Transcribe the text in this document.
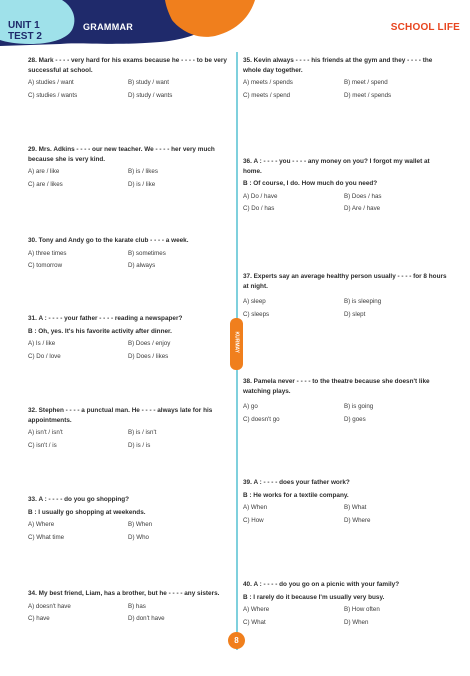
UNIT 1
TEST 2
GRAMMAR	SCHOOL LIFE
KURMAY
28. Mark - - - - very hard for his exams because he - - - - to be very successful at school.
A) studies / want	B) study / want
C) studies / wants	D) study / wants
29. Mrs. Adkins - - - - our new teacher. We - - - - her very much because she is very kind.
A) are / like	B) is / likes
C) are / likes	D) is / like
30. Tony and Andy go to the karate club - - - - a week.
A) three times	B) sometimes
C) tomorrow	D) always
31. A : - - - - your father - - - - reading a newspaper?
B : Oh, yes. It's his favorite activity after dinner.
A) Is / like	B) Does / enjoy
C) Do / love	D) Does / likes
32. Stephen - - - - a punctual man. He - - - - always late for his appointments.
A) isn't / isn't	B) is / isn't
C) isn't / is	D) is / is
33. A : - - - - do you go shopping?
B : I usually go shopping at weekends.
A) Where	B) When
C) What time	D) Who
34. My best friend, Liam, has a brother, but he - - - - any sisters.
A) doesn't have	B) has
C) have	D) don't have
35. Kevin always - - - - his friends at the gym and they - - - - the whole day together.
A) meets / spends	B) meet / spend
C) meets / spend	D) meet / spends
36. A : - - - - you - - - - any money on you? I forgot my wallet at home.
B : Of course, I do. How much do you need?
A) Do / have	B) Does / has
C) Do / has	D) Are / have
37. Experts say an average healthy person usually - - - - for 8 hours at night.
A) sleep	B) is sleeping
C) sleeps	D) slept
38. Pamela never - - - - to the theatre because she doesn't like watching plays.
A) go	B) is going
C) doesn't go	D) goes
39. A : - - - - does your father work?
B : He works for a textile company.
A) When	B) What
C) How	D) Where
40. A : - - - - do you go on a picnic with your family?
B : I rarely do it because I'm usually very busy.
A) Where	B) How often
C) What	D) When
8
